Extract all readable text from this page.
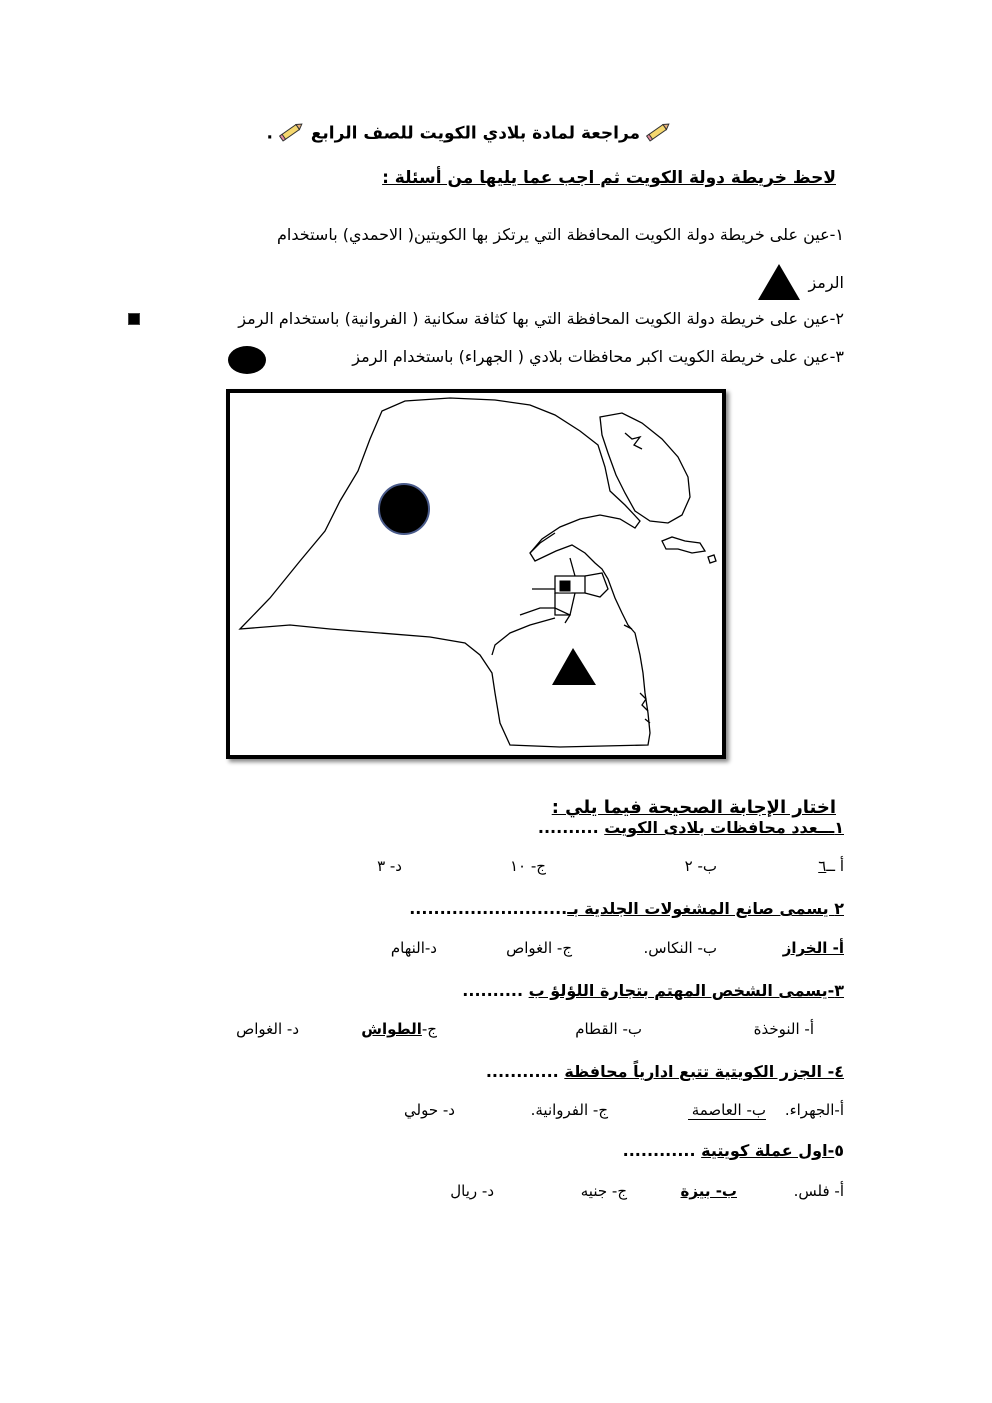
مراجعة لمادة بلادي الكويت للصف الرابع  .
لاحظ خريطة دولة الكويت ثم اجب عما يليها من أسئلة :
١-عين على خريطة دولة الكويت المحافظة التي يرتكز بها الكويتين( الاحمدي) باستخدام
الرمز
٢-عين على خريطة دولة الكويت المحافظة التي بها كثافة سكانية ( الفروانية) باستخدام الرمز
٣-عين على خريطة الكويت اكبر محافظات بلادي ( الجهراء) باستخدام الرمز
اختار الإجابة الصحيحة فيما يلي :
١ـــعدد محافظات بلادى الكويت ..........
أ ــ٦
ب- ٢
ج- ١٠
د- ٣
٢ يسمى صانع المشغولات الجلدية بـ..........................
أ- الخراز
ب- النكاس.
ج- الغواص
د-النهام
٣-يسمى الشخص المهتم بتجارة اللؤلؤ ب ..........
أ- النوخذة
ب- القطام
ج-الطواش
د- الغواص
٤- الجزر الكويتية تتبع ادارياً محافظة ............
أ-الجهراء.
ب- العاصمة
ج- الفروانية.
د- حولي
٥-اول عملة كويتية ............
أ- فلس.
ب- بيزة
ج- جنيه
د- ريال
